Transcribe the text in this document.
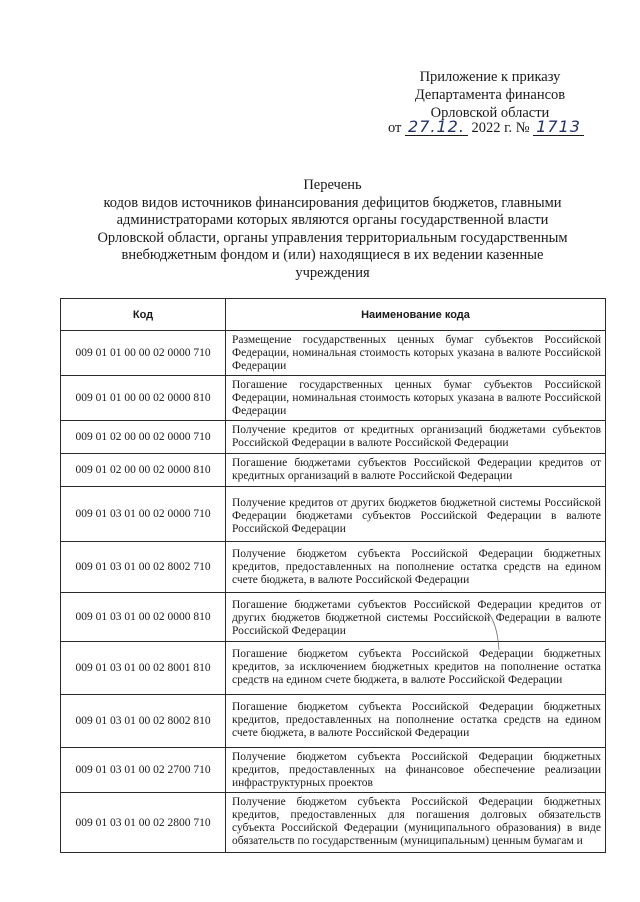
Приложение к приказу
Департамента финансов
Орловской области
от 27.12. 2022 г. № 1713
Перечень
кодов видов источников финансирования дефицитов бюджетов, главными
администраторами которых являются органы государственной власти
Орловской области, органы управления территориальным государственным
внебюджетным фондом и (или) находящиеся в их ведении казенные
учреждения
Код	Наименование кода
009 01 01 00 00 02 0000 710	Размещение государственных ценных бумаг субъектов Российской Федерации, номинальная стоимость которых указана в валюте Российской Федерации
009 01 01 00 00 02 0000 810	Погашение государственных ценных бумаг субъектов Российской Федерации, номинальная стоимость которых указана в валюте Российской Федерации
009 01 02 00 00 02 0000 710	Получение кредитов от кредитных организаций бюджетами субъектов Российской Федерации в валюте Российской Федерации
009 01 02 00 00 02 0000 810	Погашение бюджетами субъектов Российской Федерации кредитов от кредитных организаций в валюте Российской Федерации
009 01 03 01 00 02 0000 710	Получение кредитов от других бюджетов бюджетной системы Российской Федерации бюджетами субъектов Российской Федерации в валюте Российской Федерации
009 01 03 01 00 02 8002 710	Получение бюджетом субъекта Российской Федерации бюджетных кредитов, предоставленных на пополнение остатка средств на едином счете бюджета, в валюте Российской Федерации
009 01 03 01 00 02 0000 810	Погашение бюджетами субъектов Российской Федерации кредитов от других бюджетов бюджетной системы Российской Федерации в валюте Российской Федерации
009 01 03 01 00 02 8001 810	Погашение бюджетом субъекта Российской Федерации бюджетных кредитов, за исключением бюджетных кредитов на пополнение остатка средств на едином счете бюджета, в валюте Российской Федерации
009 01 03 01 00 02 8002 810	Погашение бюджетом субъекта Российской Федерации бюджетных кредитов, предоставленных на пополнение остатка средств на едином счете бюджета, в валюте Российской Федерации
009 01 03 01 00 02 2700 710	Получение бюджетом субъекта Российской Федерации бюджетных кредитов, предоставленных на финансовое обеспечение реализации инфраструктурных проектов
009 01 03 01 00 02 2800 710	Получение бюджетом субъекта Российской Федерации бюджетных кредитов, предоставленных для погашения долговых обязательств субъекта Российской Федерации (муниципального образования) в виде обязательств по государственным (муниципальным) ценным бумагам и
